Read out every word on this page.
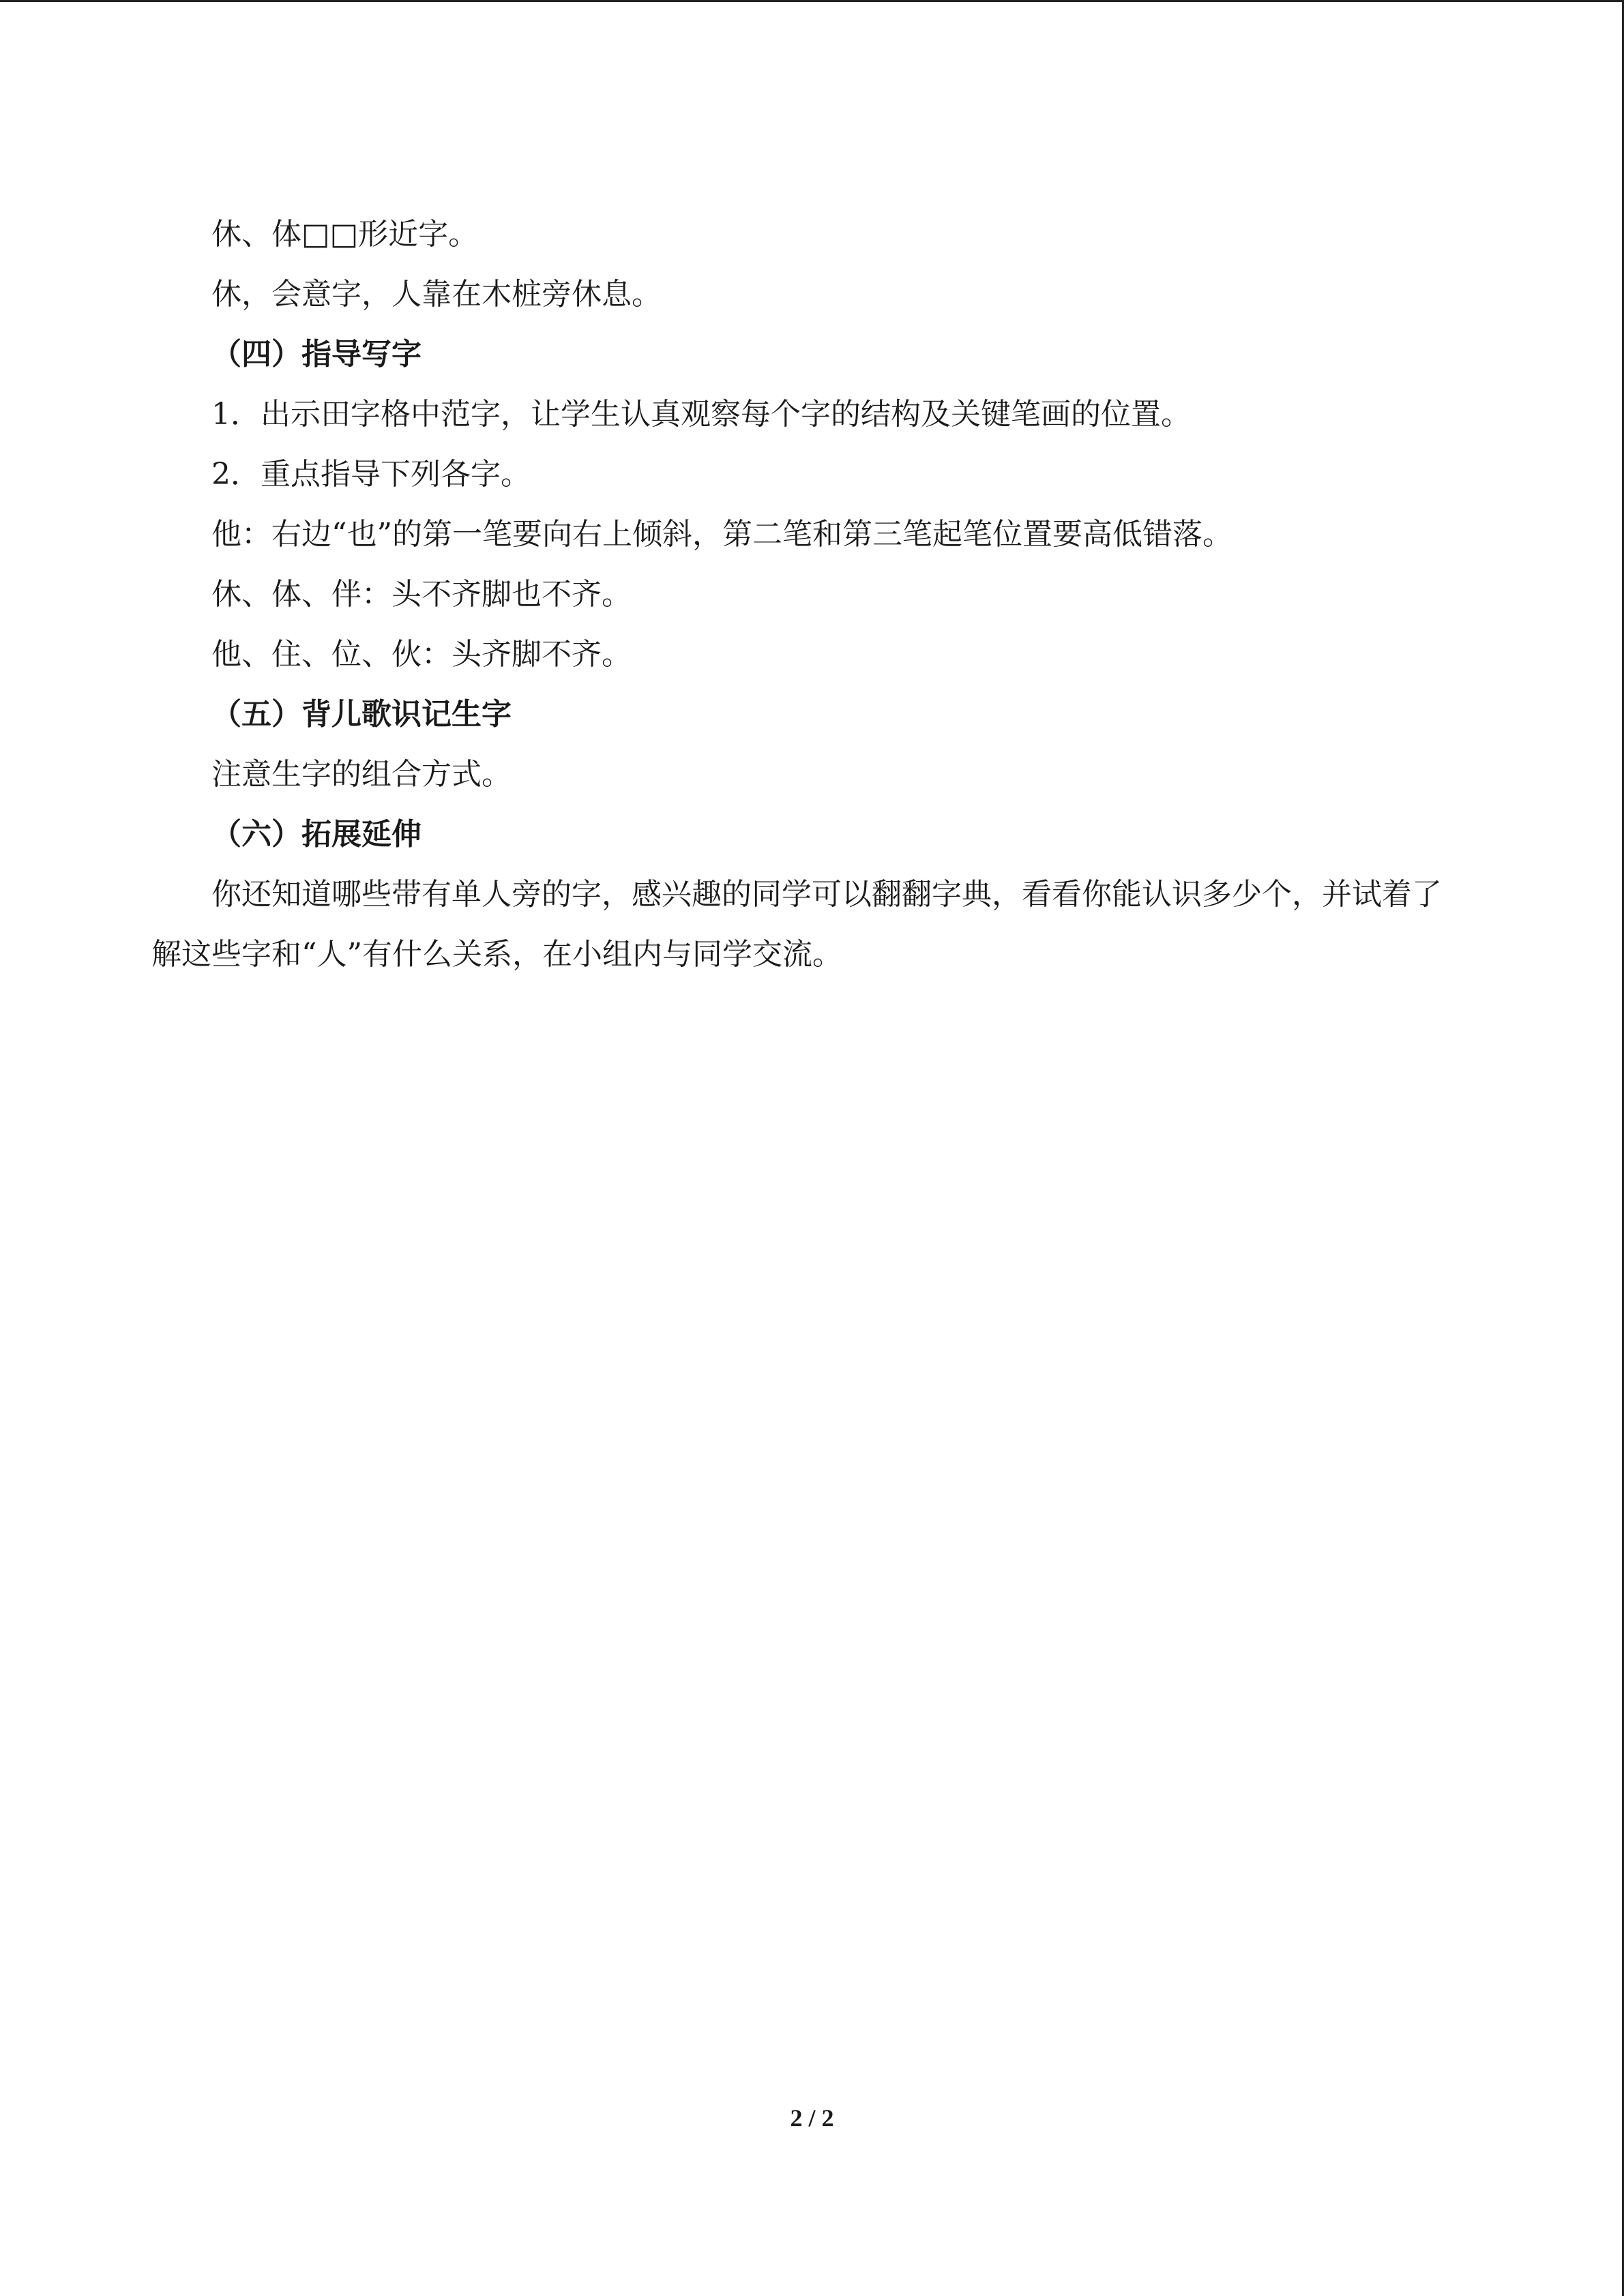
休、体□□形近字。
休，会意字，人靠在木桩旁休息。
（四）指导写字
1．出示田字格中范字，让学生认真观察每个字的结构及关键笔画的位置。
2．重点指导下列各字。
他：右边“也”的第一笔要向右上倾斜，第二笔和第三笔起笔位置要高低错落。
休、体、伴：头不齐脚也不齐。
他、住、位、伙：头齐脚不齐。
（五）背儿歌识记生字
注意生字的组合方式。
（六）拓展延伸
你还知道哪些带有单人旁的字，感兴趣的同学可以翻翻字典，看看你能认识多少个，并试着了解这些字和“人”有什么关系，在小组内与同学交流。
2 / 2
